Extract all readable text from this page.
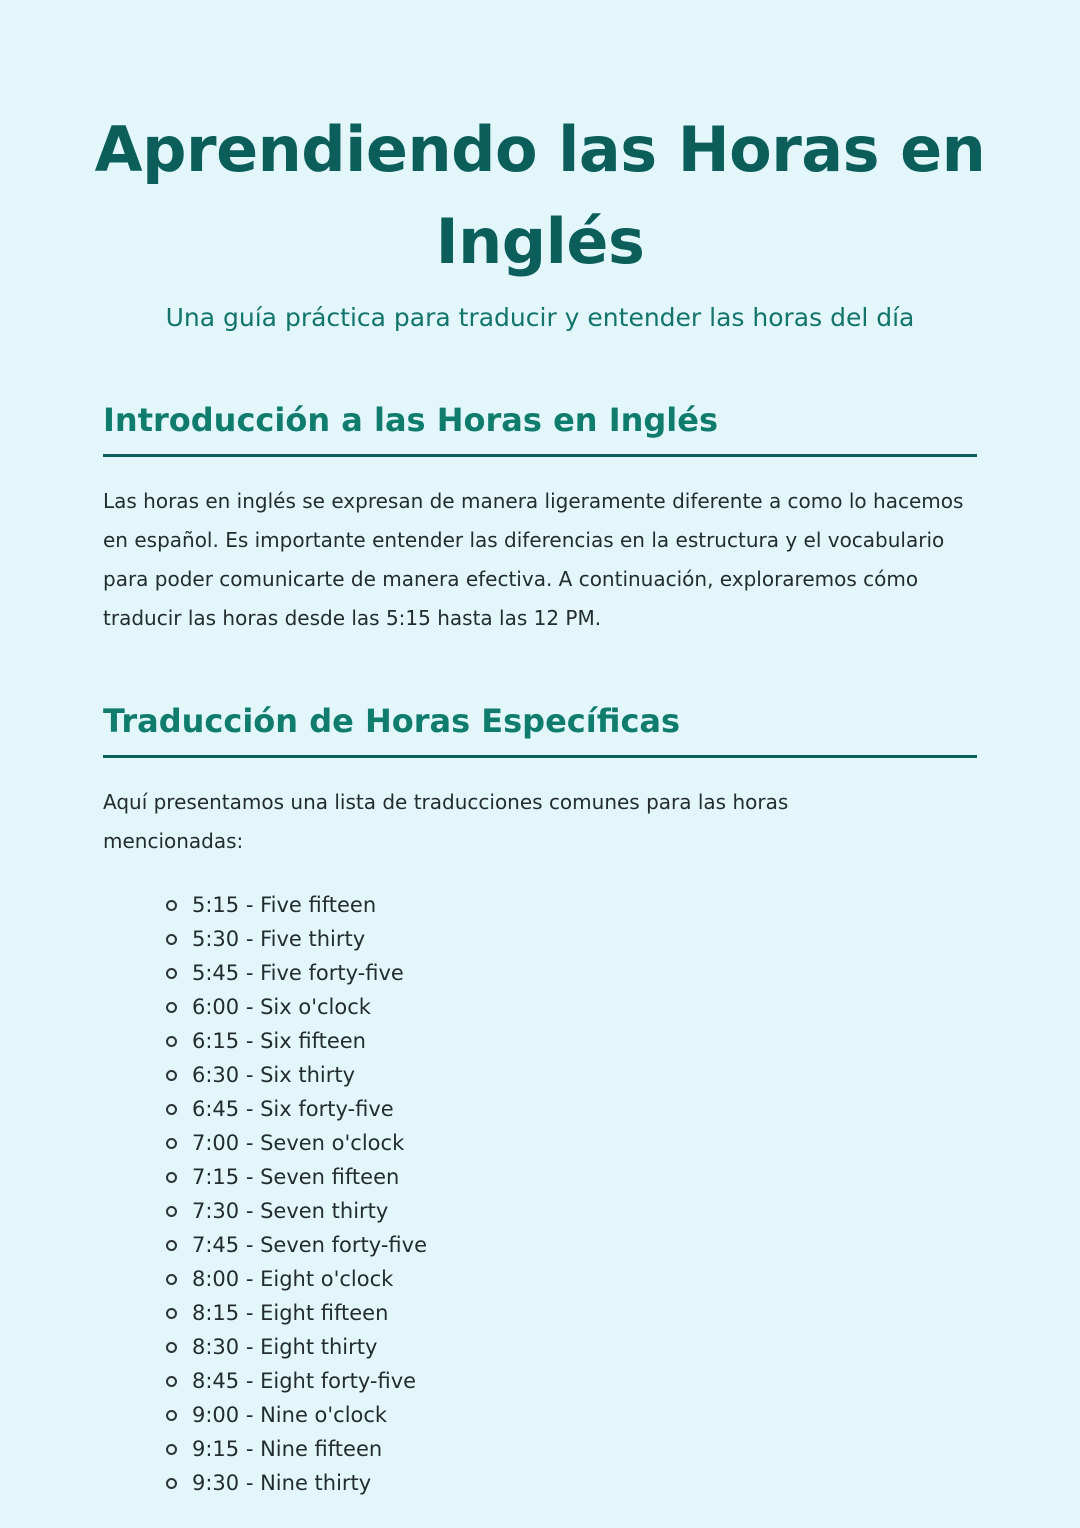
Aprendiendo las Horas en Inglés

Una guía práctica para traducir y entender las horas del día

Introducción a las Horas en Inglés

Las horas en inglés se expresan de manera ligeramente diferente a como lo hacemos en español. Es importante entender las diferencias en la estructura y el vocabulario para poder comunicarte de manera efectiva. A continuación, exploraremos cómo traducir las horas desde las 5:15 hasta las 12 PM.

Traducción de Horas Específicas

Aquí presentamos una lista de traducciones comunes para las horas mencionadas:

5:15 - Five fifteen
5:30 - Five thirty
5:45 - Five forty-five
6:00 - Six o'clock
6:15 - Six fifteen
6:30 - Six thirty
6:45 - Six forty-five
7:00 - Seven o'clock
7:15 - Seven fifteen
7:30 - Seven thirty
7:45 - Seven forty-five
8:00 - Eight o'clock
8:15 - Eight fifteen
8:30 - Eight thirty
8:45 - Eight forty-five
9:00 - Nine o'clock
9:15 - Nine fifteen
9:30 - Nine thirty
